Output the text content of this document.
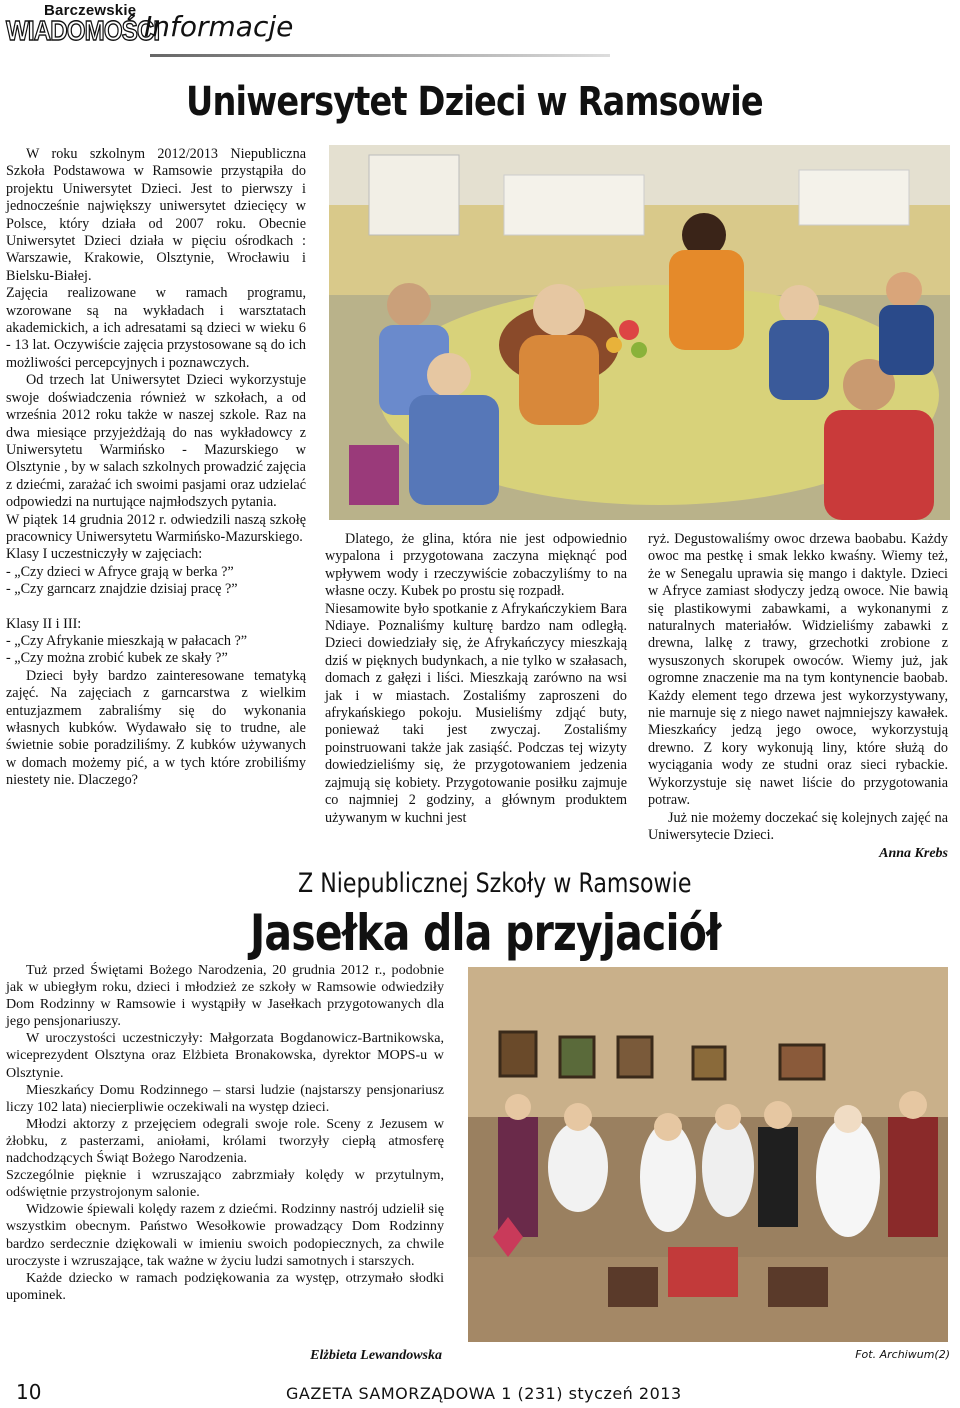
Barczewskie
WIADOMOŚCI
Informacje
Uniwersytet Dzieci w Ramsowie

W roku szkolnym 2012/2013 Niepubliczna Szkoła Podstawowa w Ramsowie przystąpiła do projektu Uniwersytet Dzieci. Jest to pierwszy i jednocześnie największy uniwersytet dziecięcy w Polsce, który działa od 2007 roku. Obecnie Uniwersytet Dzieci działa w pięciu ośrodkach : Warszawie, Krakowie, Olsztynie, Wrocławiu i Bielsku-Białej.

Zajęcia realizowane w ramach programu, wzorowane są na wykładach i warsztatach akademickich, a ich adresatami są dzieci w wieku 6 - 13 lat. Oczywiście zajęcia przystosowane są do ich możliwości percepcyjnych i poznawczych.

Od trzech lat Uniwersytet Dzieci wykorzystuje swoje doświadczenia również w szkołach, a od września 2012 roku także w naszej szkole. Raz na dwa miesiące przyjeżdżają do nas wykładowcy z Uniwersytetu Warmińsko - Mazurskiego w Olsztynie , by w salach szkolnych prowadzić zajęcia z dziećmi, zarażać ich swoimi pasjami oraz udzielać odpowiedzi na nurtujące najmłodszych pytania.

W piątek 14 grudnia 2012 r. odwiedzili naszą szkołę pracownicy Uniwersytetu Warmińsko-Mazurskiego.

Klasy I uczestniczyły w zajęciach:

- „Czy dzieci w Afryce grają w berka ?”

- „Czy garncarz znajdzie dzisiaj pracę ?”

Klasy II i III:

- „Czy Afrykanie mieszkają w pałacach ?”

- „Czy można zrobić kubek ze skały ?”

Dzieci były bardzo zainteresowane tematyką zajęć. Na zajęciach z garncarstwa z wielkim entuzjazmem zabraliśmy się do wykonania własnych kubków. Wydawało się to trudne, ale świetnie sobie poradziliśmy. Z kubków używanych w domach możemy pić, a w tych które zrobiliśmy niestety nie. Dlaczego?

Dlatego, że glina, która nie jest odpowiednio wypalona i przygotowana zaczyna mięknąć pod wpływem wody i rzeczywiście zobaczyliśmy to na własne oczy. Kubek po prostu się rozpadł.

Niesamowite było spotkanie z Afrykańczykiem Bara Ndiaye. Poznaliśmy kulturę bardzo nam odległą. Dzieci dowiedziały się, że Afrykańczycy mieszkają dziś w pięknych budynkach, a nie tylko w szałasach, domach z gałęzi i liści. Mieszkają zarówno na wsi jak i w miastach. Zostaliśmy zaproszeni do afrykańskiego pokoju. Musieliśmy zdjąć buty, ponieważ taki jest zwyczaj. Zostaliśmy poinstruowani także jak zasiąść. Podczas tej wizyty dowiedzieliśmy się, że przygotowaniem jedzenia zajmują się kobiety. Przygotowanie posiłku zajmuje co najmniej 2 godziny, a głównym produktem używanym w kuchni jest

ryż. Degustowaliśmy owoc drzewa baobabu. Każdy owoc ma pestkę i smak lekko kwaśny. Wiemy też, że w Senegalu uprawia się mango i daktyle. Dzieci w Afryce zamiast słodyczy jedzą owoce. Nie bawią się plastikowymi zabawkami, a wykonanymi z naturalnych materiałów. Widzieliśmy zabawki z drewna, lalkę z trawy, grzechotki zrobione z wysuszonych skorupek owoców. Wiemy już, jak ogromne znaczenie ma na tym kontynencie baobab. Każdy element tego drzewa jest wykorzystywany, nie marnuje się z niego nawet najmniejszy kawałek. Mieszkańcy jedzą jego owoce, wykorzystują drewno. Z kory wykonują liny, które służą do wyciągania wody ze studni oraz sieci rybackie. Wykorzystuje się nawet liście do przygotowania potraw.

Już nie możemy doczekać się kolejnych zajęć na Uniwersytecie Dzieci.

Anna Krebs
Z Niepublicznej Szkoły w Ramsowie
Jasełka dla przyjaciół

Tuż przed Świętami Bożego Narodzenia, 20 grudnia 2012 r., podobnie jak w ubiegłym roku, dzieci i młodzież ze szkoły w Ramsowie odwiedziły Dom Rodzinny w Ramsowie i wystąpiły w Jasełkach przygotowanych dla jego pensjonariuszy.

W uroczystości uczestniczyły: Małgorzata Bogdanowicz-Bartnikowska, wiceprezydent Olsztyna oraz Elżbieta Bronakowska, dyrektor MOPS-u w Olsztynie.

Mieszkańcy Domu Rodzinnego – starsi ludzie (najstarszy pensjonariusz liczy 102 lata) niecierpliwie oczekiwali na występ dzieci.

Młodzi aktorzy z przejęciem odegrali swoje role. Sceny z Jezusem w żłobku, z pasterzami, aniołami, królami tworzyły ciepłą atmosferę nadchodzących Świąt Bożego Narodzenia.

Szczególnie pięknie i wzruszająco zabrzmiały kolędy w przytulnym, odświętnie przystrojonym salonie.

Widzowie śpiewali kolędy razem z dziećmi. Rodzinny nastrój udzielił się wszystkim obecnym. Państwo Wesołkowie prowadzący Dom Rodzinny bardzo serdecznie dziękowali w imieniu swoich podopiecznych, za chwile uroczyste i wzruszające, tak ważne w życiu ludzi samotnych i starszych.

Każde dziecko w ramach podziękowania za występ, otrzymało słodki upominek.

Elżbieta Lewandowska	Fot. Archiwum(2)
10	GAZETA SAMORZĄDOWA 1 (231) styczeń 2013
